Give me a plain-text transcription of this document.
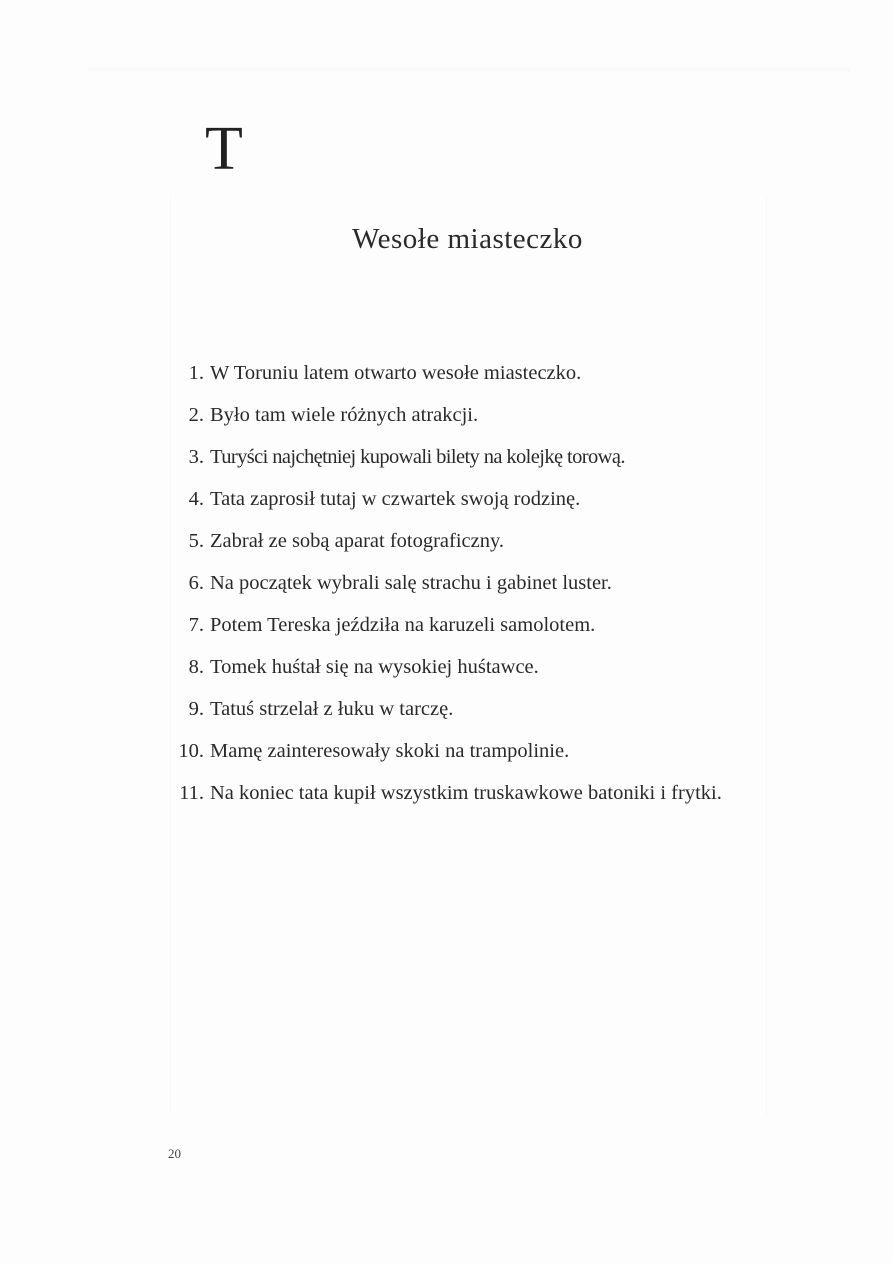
T
Wesołe miasteczko
1. W Toruniu latem otwarto wesołe miasteczko.
2. Było tam wiele różnych atrakcji.
3. Turyści najchętniej kupowali bilety na kolejkę torową.
4. Tata zaprosił tutaj w czwartek swoją rodzinę.
5. Zabrał ze sobą aparat fotograficzny.
6. Na początek wybrali salę strachu i gabinet luster.
7. Potem Tereska jeździła na karuzeli samolotem.
8. Tomek huśtał się na wysokiej huśtawce.
9. Tatuś strzelał z łuku w tarczę.
10. Mamę zainteresowały skoki na trampolinie.
11. Na koniec tata kupił wszystkim truskawkowe batoniki i frytki.
20
